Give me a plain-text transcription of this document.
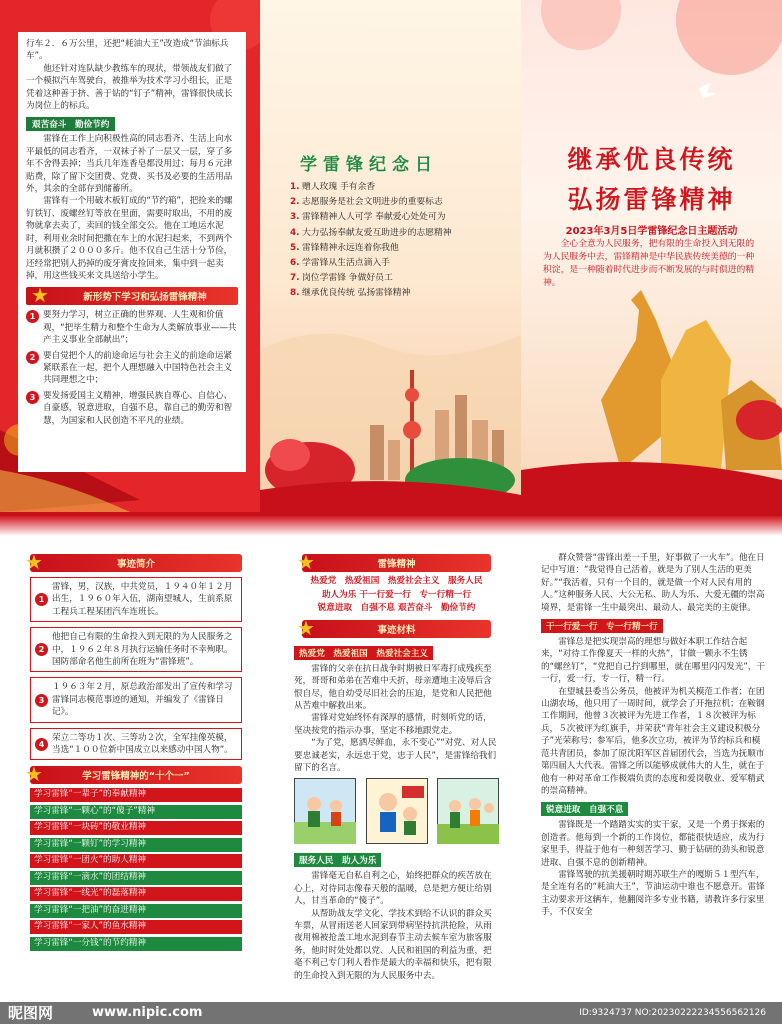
行车２．６万公里，还把“耗油大王”改造成“节油标兵车”。

他还针对连队缺少教练车的现状，带领战友们做了一个模拟汽车驾驶台，被推举为技术学习小组长，正是凭着这种善于挤、善于钻的“钉子”精神，雷锋很快成长为岗位上的标兵。

艰苦奋斗　勤俭节约

雷锋在工作上向积极性高的同志看齐、生活上向水平最低的同志看齐，一双袜子补了一层又一层，穿了多年不舍得丢掉；当兵几年连香皂都没用过；每月６元津贴费，除了留下交团费、党费、买书及必要的生活用品外，其余的全部存到储蓄所。

雷锋有一个用破木板钉成的“节约箱”，把捡来的螺钉铁钉、废螺丝钉等放在里面，需要时取出，不用的废物就拿去卖了，卖回的钱全部交公。他在工地运水泥时，利用业余时间把撒在车上的水泥扫起来，不到两个月就积攒了２０００多斤。他不仅自己生活十分节俭，还经常把别人扔掉的废牙膏皮捡回来，集中到一起卖掉，用这些钱买来文具送给小学生。

★	新形势下学习和弘扬雷锋精神
1 要努力学习，树立正确的世界观、人生观和价值观，“把毕生精力和整个生命为人类解放事业——共产主义事业全部献出”；
2 要自觉把个人的前途命运与社会主义的前途命运紧紧联系在一起，把个人理想融入中国特色社会主义共同理想之中；
3 要发扬爱国主义精神，增强民族自尊心、自信心、自豪感，锐意进取，自强不息，靠自己的勤劳和智慧，为国家和人民创造不平凡的业绩。
学雷锋纪念日
1. 赠人玫瑰 手有余香
2. 志愿服务是社会文明进步的重要标志
3. 雷锋精神人人可学 奉献爱心处处可为
4. 大力弘扬奉献友爱互助进步的志愿精神
5. 雷锋精神永远连着你我他
6. 学雷锋从生活点滴入手
7. 岗位学雷锋 争做好员工
8. 继承优良传统 弘扬雷锋精神
继承优良传统
弘扬雷锋精神
2023年3月5日学雷锋纪念日主题活动
全心全意为人民服务，把有限的生命投入到无限的为人民服务中去，雷锋精神是中华民族传统美德的一种积淀，是一种随着时代进步而不断发展的与时俱进的精神。
★	事迹简介
1
雷锋，男，汉族，中共党员，１９４０年１２月出生，１９６０年入伍，湖南望城人，生前系原工程兵工程某团汽车连班长。
2
他把自己有限的生命投入到无限的为人民服务之中，１９６２年８月执行运输任务时不幸殉职。国防部命名他生前所在班为“雷锋班”。
3
１９６３年２月，原总政治部发出了宣传和学习雷锋同志模范事迹的通知，并编发了《雷锋日记》。
4
荣立二等功１次、三等功２次，全军挂像英模，当选“１００位新中国成立以来感动中国人物”。
★	学习雷锋精神的“十个一”
学习雷锋“一辈子”的奉献精神
学习雷锋“一颗心”的“傻子”精神
学习雷锋“一块砖”的敬业精神
学习雷锋“一颗钉”的学习精神
学习雷锋“一团火”的助人精神
学习雷锋“一滴水”的团结精神
学习雷锋“一线光”的磊落精神
学习雷锋“一把油”的奋进精神
学习雷锋“一家人”的鱼水精神
学习雷锋“一分钱”的节约精神
★	雷锋精神
热爱党　热爱祖国　热爱社会主义　服务人民
助人为乐 干一行爱一行　专一行精一行
锐意进取　自强不息 艰苦奋斗　勤俭节约
★	事迹材料
热爱党　热爱祖国　热爱社会主义

雷锋的父亲在抗日战争时期被日军毒打成残疾至死，哥哥和弟弟在苦难中夭折，母亲遭地主凌辱后含恨自尽，他自幼受尽旧社会的压迫，是党和人民把他从苦难中解救出来。

雷锋对党始终怀有深厚的感情，时刻听党的话，坚决按党的指示办事，坚定不移地跟党走。

“为了党，愿洒尽鲜血，永不变心”“对党、对人民要忠诚老实，永远忠于党，忠于人民”，是雷锋给我们留下的名言。

服务人民　助人为乐

雷锋毫无自私自利之心，始终把群众的疾苦放在心上，对待同志像春天般的温暖，总是把方便让给别人，甘当革命的“傻子”。

从帮助战友学文化、学技术到给不认识的群众买车票，从冒雨送老人回家到带病坚持抗洪抢险，从雨夜用棉被抢盖工地水泥到春节主动去候车室为旅客服务，他时时处处都以党、人民和祖国的利益为重，把毫不利己专门利人看作是最大的幸福和快乐，把有限的生命投入到无限的为人民服务中去。

群众赞誉“雷锋出差一千里，好事做了一火车”。他在日记中写道：“我觉得自己活着，就是为了别人生活的更美好。”“我活着，只有一个目的，就是做一个对人民有用的人。”这种服务人民、大公无私、助人为乐、大爱无疆的崇高境界，是雷锋一生中最突出、最动人、最完美的主旋律。

干一行爱一行　专一行精一行

雷锋总是把实现崇高的理想与做好本职工作结合起来，“对待工作像夏天一样的火热”，甘做一颗永不生锈的“螺丝钉”，“党把自己拧到哪里，就在哪里闪闪发光”，干一行，爱一行，专一行，精一行。

在望城县委当公务员，他被评为机关模范工作者；在团山湖农场，他只用了一周时间，就学会了开拖拉机；在鞍钢工作期间，他曾３次被评为先进工作者，１８次被评为标兵，５次被评为红旗手，并荣获“青年社会主义建设积极分子”光荣称号；参军后，他多次立功，被评为节约标兵和模范共青团员，参加了原沈阳军区首届团代会，当选为抚顺市第四届人大代表。雷锋之所以能够成就伟大的人生，就在于他有一种对革命工作极端负责的态度和爱岗敬业、爱军精武的崇高精神。

锐意进取　自强不息

雷锋既是一个踏踏实实的实干家，又是一个勇于探索的创造者。他每到一个新的工作岗位，都能很快适应，成为行家里手，得益于他有一种刻苦学习、勤于钻研的劲头和锐意进取、自强不息的创新精神。

雷锋驾驶的抗美援朝时期苏联生产的嘎斯５１型汽车，是全连有名的“耗油大王”，节油运动中谁也不愿意开。雷锋主动要求开这辆车，他翻阅许多专业书籍，请教许多行家里手，不仅安全

昵图网	www.nipic.com	ID:9324737 NO:20230222234556562126
